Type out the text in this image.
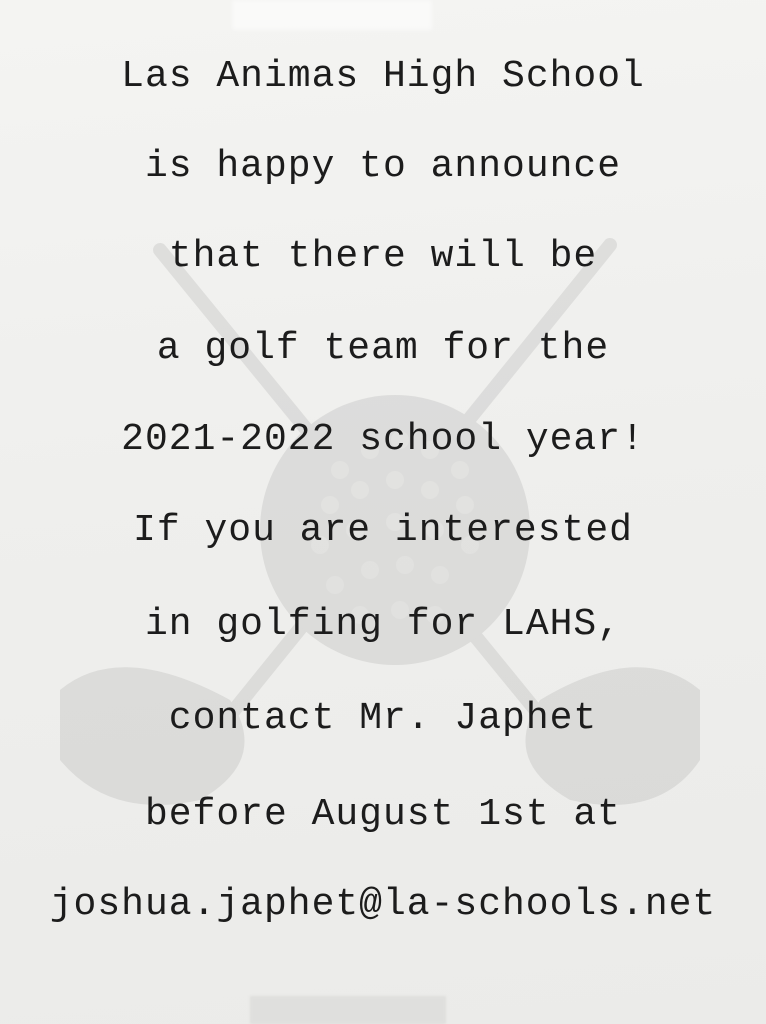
Las Animas High School
is happy to announce
that there will be
a golf team for the
2021-2022 school year!
If you are interested
in golfing for LAHS,
contact Mr. Japhet
before August 1st at
joshua.japhet@la-schools.net
